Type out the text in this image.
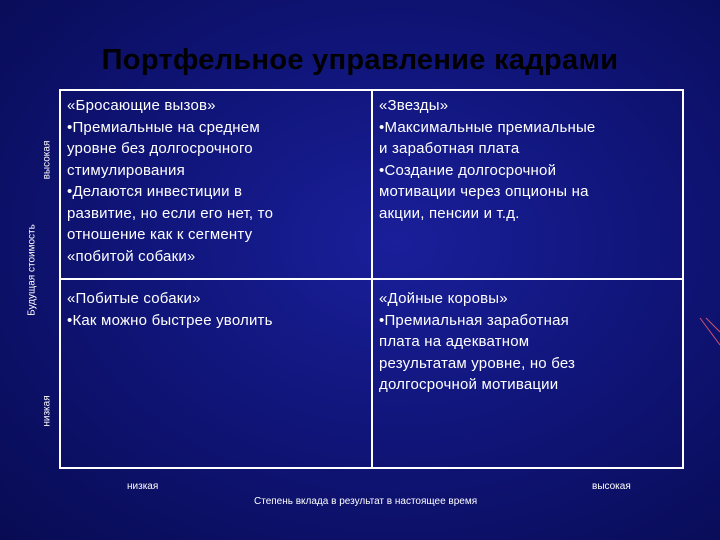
Портфельное управление кадрами
Будущая стоимость
высокая
низкая
«Бросающие вызов»
•Премиальные на среднем
уровне без долгосрочного
стимулирования
•Делаются инвестиции в
развитие, но если его нет, то
отношение как к сегменту
«побитой собаки»
«Звезды»
•Максимальные премиальные
и заработная плата
•Создание долгосрочной
мотивации через опционы на
акции, пенсии и т.д.
«Побитые собаки»
•Как можно быстрее уволить
«Дойные коровы»
•Премиальная заработная
плата на адекватном
результатам уровне, но без
долгосрочной мотивации
низкая	высокая
Степень вклада в результат в настоящее время
